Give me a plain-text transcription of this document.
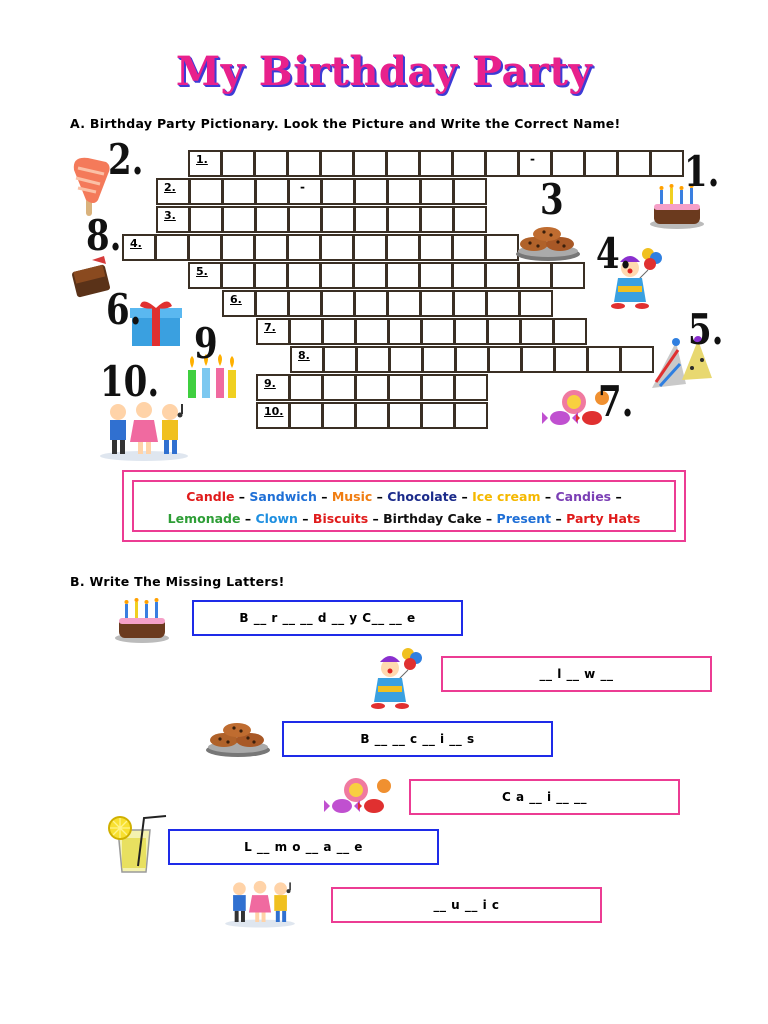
My Birthday Party
A. Birthday Party Pictionary. Look the Picture and Write the Correct Name!
1.	-
2.	-
3.
4.
5.
6.
7.
8.
9.
10.
2.	1.
3
8.	4.
6.	5.
9
10.	7.
Candle – Sandwich – Music – Chocolate – Ice cream – Candies –
Lemonade – Clown – Biscuits – Birthday Cake – Present – Party Hats
B. Write The Missing Latters!
B __ r __ __ d __ y C__ __ e
__ l __ w __
B __ __ c __ i __ s
C a __ i __ __
L __ m o __ a __ e
__ u __ i c
